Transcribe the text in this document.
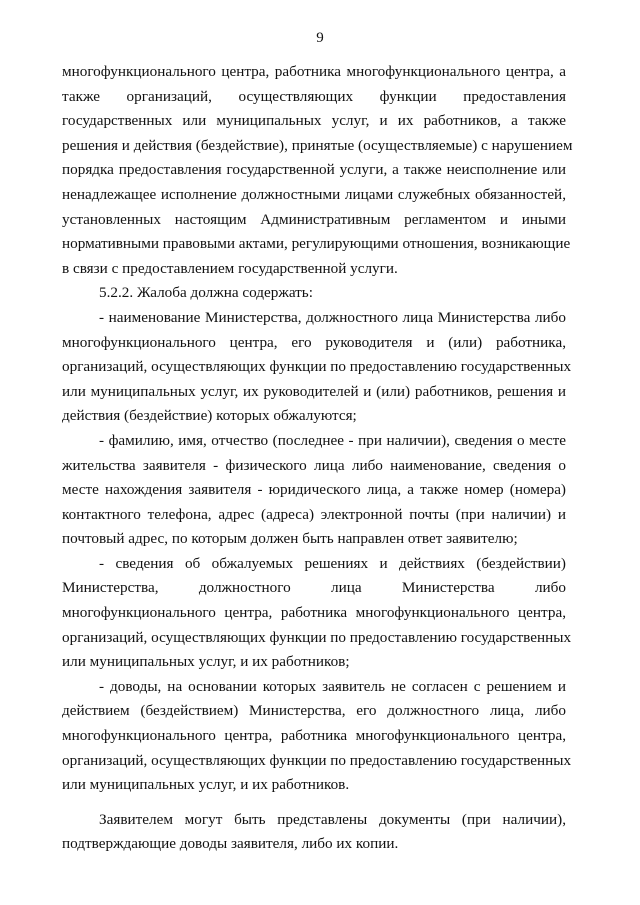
9

многофункционального центра, работника многофункционального центра, а
также организаций, осуществляющих функции предоставления
государственных или муниципальных услуг, и их работников, а также
решения и действия (бездействие), принятые (осуществляемые) с нарушением
порядка предоставления государственной услуги, а также неисполнение или
ненадлежащее исполнение должностными лицами служебных обязанностей,
установленных настоящим Административным регламентом и иными
нормативными правовыми актами, регулирующими отношения, возникающие
в связи с предоставлением государственной услуги.

5.2.2. Жалоба должна содержать:

- наименование Министерства, должностного лица Министерства либо
многофункционального центра, его руководителя и (или) работника,
организаций, осуществляющих функции по предоставлению государственных
или муниципальных услуг, их руководителей и (или) работников, решения и
действия (бездействие) которых обжалуются;

- фамилию, имя, отчество (последнее - при наличии), сведения о месте
жительства заявителя - физического лица либо наименование, сведения о
месте нахождения заявителя - юридического лица, а также номер (номера)
контактного телефона, адрес (адреса) электронной почты (при наличии) и
почтовый адрес, по которым должен быть направлен ответ заявителю;

- сведения об обжалуемых решениях и действиях (бездействии)
Министерства, должностного лица Министерства либо
многофункционального центра, работника многофункционального центра,
организаций, осуществляющих функции по предоставлению государственных
или муниципальных услуг, и их работников;

- доводы, на основании которых заявитель не согласен с решением и
действием (бездействием) Министерства, его должностного лица, либо
многофункционального центра, работника многофункционального центра,
организаций, осуществляющих функции по предоставлению государственных
или муниципальных услуг, и их работников.

Заявителем могут быть представлены документы (при наличии),
подтверждающие доводы заявителя, либо их копии.
